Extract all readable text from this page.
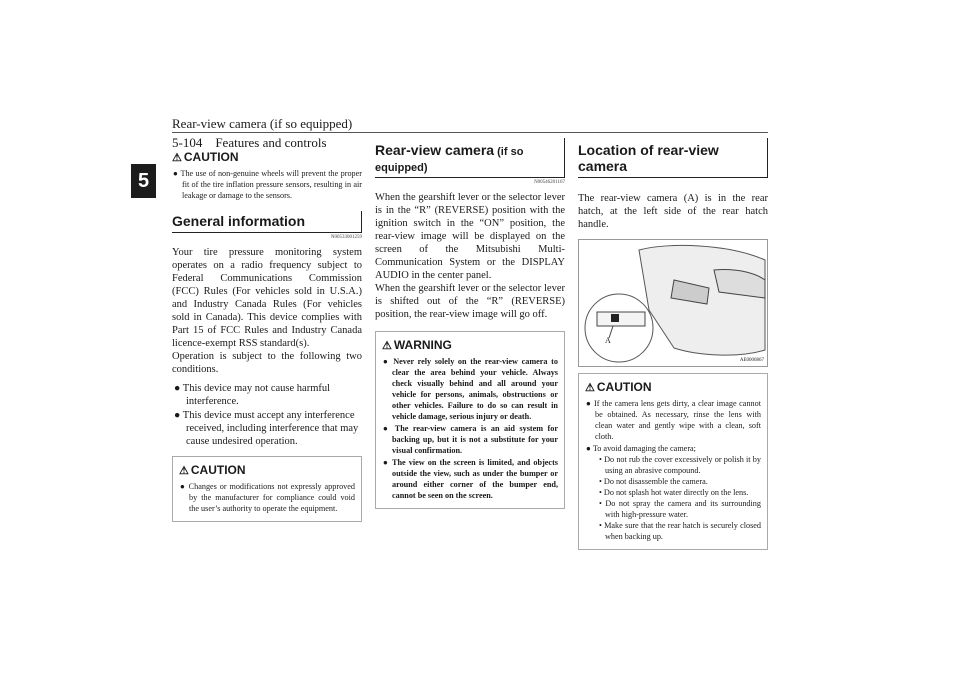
Rear-view camera (if so equipped)
5-104    Features and controls
5
⚠ CAUTION
● The use of non-genuine wheels will prevent the proper fit of the tire inflation pressure sensors, resulting in air leakage or damage to the sensors.
General information
N00533001259

Your tire pressure monitoring system operates on a radio frequency subject to Federal Communications Commission (FCC) Rules (For vehicles sold in U.S.A.) and Industry Canada Rules (For vehicles sold in Canada). This device complies with Part 15 of FCC Rules and Industry Canada licence-exempt RSS standard(s).

Operation is subject to the following two conditions.

● This device may not cause harmful interference.
● This device must accept any interference received, including interference that may cause undesired operation.
⚠ CAUTION
● Changes or modifications not expressly approved by the manufacturer for compliance could void the user’s authority to operate the equipment.
Rear-view camera (if so equipped)
N00546201167

When the gearshift lever or the selector lever is in the “R” (REVERSE) position with the ignition switch in the “ON” position, the rear-view image will be displayed on the screen of the Mitsubishi Multi-Communication System or the DISPLAY AUDIO in the center panel.

When the gearshift lever or the selector lever is shifted out of the “R” (REVERSE) position, the rear-view image will go off.

⚠ WARNING
● Never rely solely on the rear-view camera to clear the area behind your vehicle. Always check visually behind and all around your vehicle for persons, animals, obstructions or other vehicles. Failure to do so can result in vehicle damage, serious injury or death.
● The rear-view camera is an aid system for backing up, but it is not a substitute for your visual confirmation.
● The view on the screen is limited, and objects outside the view, such as under the bumper or around either corner of the bumper end, cannot be seen on the screen.
Location of rear-view camera

The rear-view camera (A) is in the rear hatch, at the left side of the rear hatch handle.

A
AE0000867
⚠ CAUTION
● If the camera lens gets dirty, a clear image cannot be obtained. As necessary, rinse the lens with clean water and gently wipe with a clean, soft cloth.
● To avoid damaging the camera;
• Do not rub the cover excessively or polish it by using an abrasive compound.
• Do not disassemble the camera.
• Do not splash hot water directly on the lens.
• Do not spray the camera and its surrounding with high-pressure water.
• Make sure that the rear hatch is securely closed when backing up.
